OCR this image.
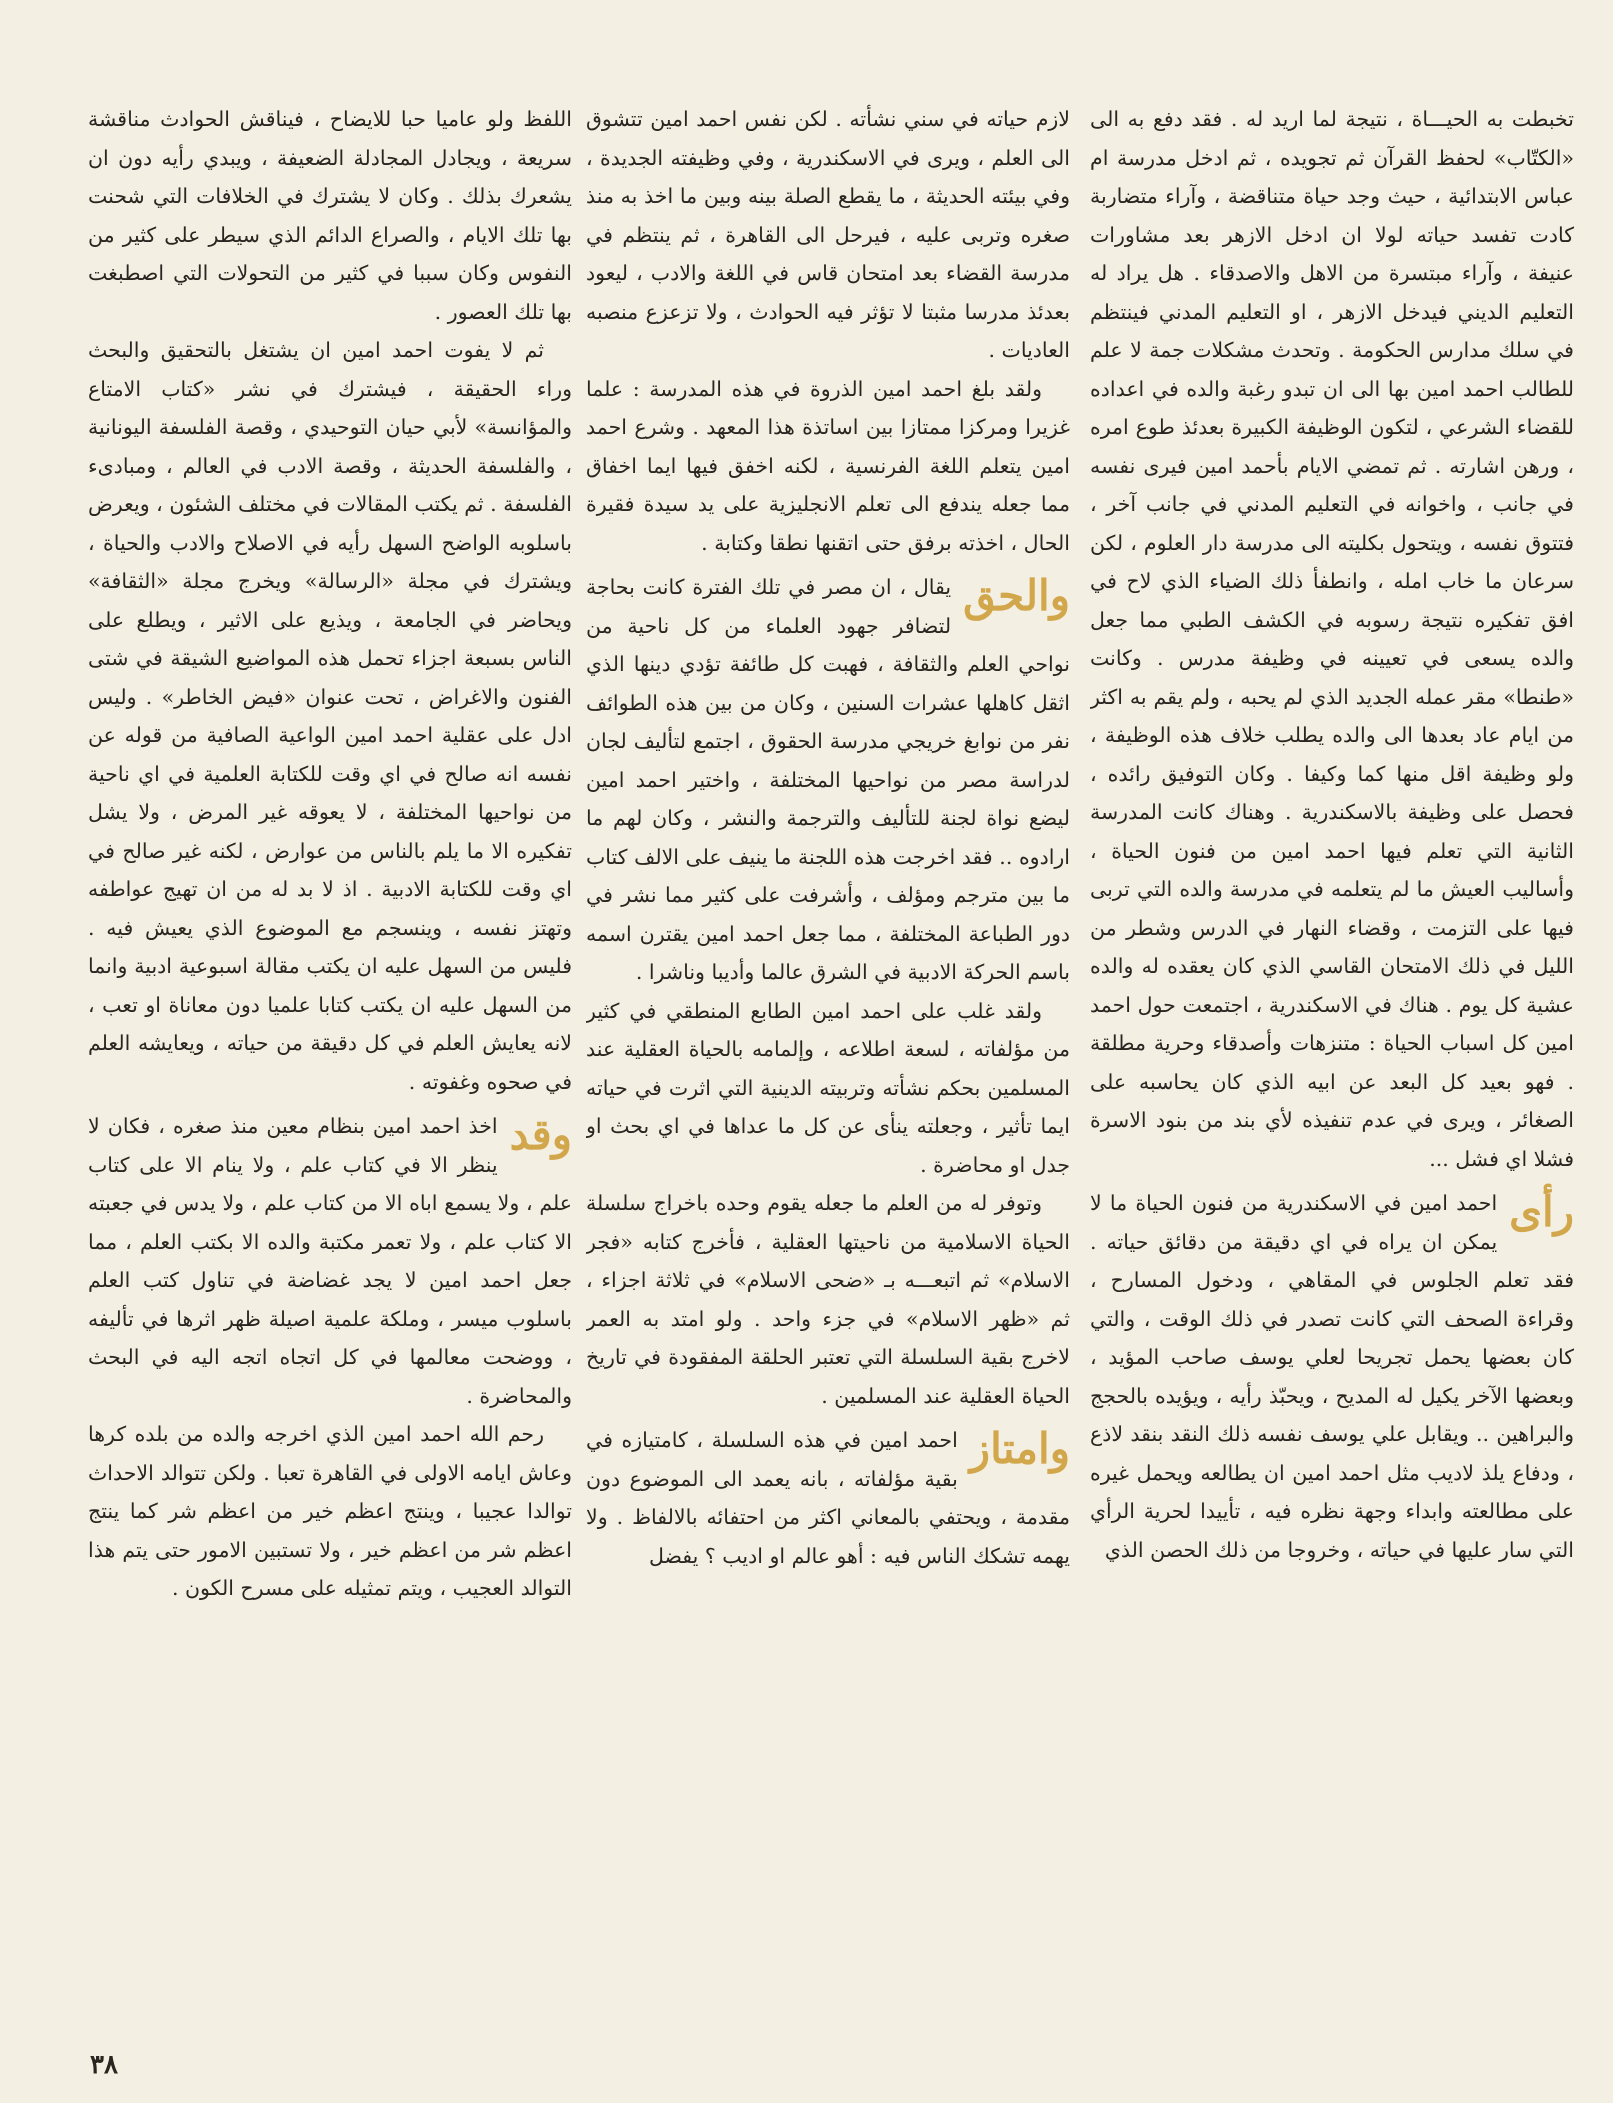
تخبطت به الحيـــاة ، نتيجة لما اريد له . فقد دفع به الى «الكتّاب» لحفظ القرآن ثم تجويده ، ثم ادخل مدرسة ام عباس الابتدائية ، حيث وجد حياة متناقضة ، وآراء متضاربة كادت تفسد حياته لولا ان ادخل الازهر بعد مشاورات عنيفة ، وآراء مبتسرة من الاهل والاصدقاء . هل يراد له التعليم الديني فيدخل الازهر ، او التعليم المدني فينتظم في سلك مدارس الحكومة . وتحدث مشكلات جمة لا علم للطالب احمد امين بها الى ان تبدو رغبة والده في اعداده للقضاء الشرعي ، لتكون الوظيفة الكبيرة بعدئذ طوع امره ، ورهن اشارته . ثم تمضي الايام بأحمد امين فيرى نفسه في جانب ، واخوانه في التعليم المدني في جانب آخر ، فتتوق نفسه ، ويتحول بكليته الى مدرسة دار العلوم ، لكن سرعان ما خاب امله ، وانطفأ ذلك الضياء الذي لاح في افق تفكيره نتيجة رسوبه في الكشف الطبي مما جعل والده يسعى في تعيينه في وظيفة مدرس . وكانت «طنطا» مقر عمله الجديد الذي لم يحبه ، ولم يقم به اكثر من ايام عاد بعدها الى والده يطلب خلاف هذه الوظيفة ، ولو وظيفة اقل منها كما وكيفا . وكان التوفيق رائده ، فحصل على وظيفة بالاسكندرية . وهناك كانت المدرسة الثانية التي تعلم فيها احمد امين من فنون الحياة ، وأساليب العيش ما لم يتعلمه في مدرسة والده التي تربى فيها على التزمت ، وقضاء النهار في الدرس وشطر من الليل في ذلك الامتحان القاسي الذي كان يعقده له والده عشية كل يوم . هناك في الاسكندرية ، اجتمعت حول احمد امين كل اسباب الحياة : متنزهات وأصدقاء وحرية مطلقة . فهو بعيد كل البعد عن ابيه الذي كان يحاسبه على الصغائر ، ويرى في عدم تنفيذه لأي بند من بنود الاسرة فشلا اي فشل ...

رأى
احمد امين في الاسكندرية من فنون الحياة ما لا يمكن ان يراه في اي دقيقة من دقائق حياته . فقد تعلم الجلوس في المقاهي ، ودخول المسارح ، وقراءة الصحف التي كانت تصدر في ذلك الوقت ، والتي كان بعضها يحمل تجريحا لعلي يوسف صاحب المؤيد ، وبعضها الآخر يكيل له المديح ، ويحبّذ رأيه ، ويؤيده بالحجج والبراهين .. ويقابل علي يوسف نفسه ذلك النقد بنقد لاذع ، ودفاع يلذ لاديب مثل احمد امين ان يطالعه ويحمل غيره على مطالعته وابداء وجهة نظره فيه ، تأييدا لحرية الرأي التي سار عليها في حياته ، وخروجا من ذلك الحصن الذي

لازم حياته في سني نشأته . لكن نفس احمد امين تتشوق الى العلم ، ويرى في الاسكندرية ، وفي وظيفته الجديدة ، وفي بيئته الحديثة ، ما يقطع الصلة بينه وبين ما اخذ به منذ صغره وتربى عليه ، فيرحل الى القاهرة ، ثم ينتظم في مدرسة القضاء بعد امتحان قاس في اللغة والادب ، ليعود بعدئذ مدرسا مثبتا لا تؤثر فيه الحوادث ، ولا تزعزع منصبه العاديات .

ولقد بلغ احمد امين الذروة في هذه المدرسة : علما غزيرا ومركزا ممتازا بين اساتذة هذا المعهد . وشرع احمد امين يتعلم اللغة الفرنسية ، لكنه اخفق فيها ايما اخفاق مما جعله يندفع الى تعلم الانجليزية على يد سيدة فقيرة الحال ، اخذته برفق حتى اتقنها نطقا وكتابة .

والحق
يقال ، ان مصر في تلك الفترة كانت بحاجة لتضافر جهود العلماء من كل ناحية من نواحي العلم والثقافة ، فهبت كل طائفة تؤدي دينها الذي اثقل كاهلها عشرات السنين ، وكان من بين هذه الطوائف نفر من نوابغ خريجي مدرسة الحقوق ، اجتمع لتأليف لجان لدراسة مصر من نواحيها المختلفة ، واختير احمد امين ليضع نواة لجنة للتأليف والترجمة والنشر ، وكان لهم ما ارادوه .. فقد اخرجت هذه اللجنة ما ينيف على الالف كتاب ما بين مترجم ومؤلف ، وأشرفت على كثير مما نشر في دور الطباعة المختلفة ، مما جعل احمد امين يقترن اسمه باسم الحركة الادبية في الشرق عالما وأديبا وناشرا .

ولقد غلب على احمد امين الطابع المنطقي في كثير من مؤلفاته ، لسعة اطلاعه ، وإلمامه بالحياة العقلية عند المسلمين بحكم نشأته وتربيته الدينية التي اثرت في حياته ايما تأثير ، وجعلته ينأى عن كل ما عداها في اي بحث او جدل او محاضرة .

وتوفر له من العلم ما جعله يقوم وحده باخراج سلسلة الحياة الاسلامية من ناحيتها العقلية ، فأخرج كتابه «فجر الاسلام» ثم اتبعـــه بـ «ضحى الاسلام» في ثلاثة اجزاء ، ثم «ظهر الاسلام» في جزء واحد . ولو امتد به العمر لاخرج بقية السلسلة التي تعتبر الحلقة المفقودة في تاريخ الحياة العقلية عند المسلمين .

وامتاز
احمد امين في هذه السلسلة ، كامتيازه في بقية مؤلفاته ، بانه يعمد الى الموضوع دون مقدمة ، ويحتفي بالمعاني اكثر من احتفائه بالالفاظ . ولا يهمه تشكك الناس فيه : أهو عالم او اديب ؟ يفضل

اللفظ ولو عاميا حبا للايضاح ، فيناقش الحوادث مناقشة سريعة ، ويجادل المجادلة الضعيفة ، ويبدي رأيه دون ان يشعرك بذلك . وكان لا يشترك في الخلافات التي شحنت بها تلك الايام ، والصراع الدائم الذي سيطر على كثير من النفوس وكان سببا في كثير من التحولات التي اصطبغت بها تلك العصور .

ثم لا يفوت احمد امين ان يشتغل بالتحقيق والبحث وراء الحقيقة ، فيشترك في نشر «كتاب الامتاع والمؤانسة» لأبي حيان التوحيدي ، وقصة الفلسفة اليونانية ، والفلسفة الحديثة ، وقصة الادب في العالم ، ومبادىء الفلسفة . ثم يكتب المقالات في مختلف الشئون ، ويعرض باسلوبه الواضح السهل رأيه في الاصلاح والادب والحياة ، ويشترك في مجلة «الرسالة» ويخرج مجلة «الثقافة» ويحاضر في الجامعة ، ويذيع على الاثير ، ويطلع على الناس بسبعة اجزاء تحمل هذه المواضيع الشيقة في شتى الفنون والاغراض ، تحت عنوان «فيض الخاطر» . وليس ادل على عقلية احمد امين الواعية الصافية من قوله عن نفسه انه صالح في اي وقت للكتابة العلمية في اي ناحية من نواحيها المختلفة ، لا يعوقه غير المرض ، ولا يشل تفكيره الا ما يلم بالناس من عوارض ، لكنه غير صالح في اي وقت للكتابة الادبية . اذ لا بد له من ان تهيج عواطفه وتهتز نفسه ، وينسجم مع الموضوع الذي يعيش فيه . فليس من السهل عليه ان يكتب مقالة اسبوعية ادبية وانما من السهل عليه ان يكتب كتابا علميا دون معاناة او تعب ، لانه يعايش العلم في كل دقيقة من حياته ، ويعايشه العلم في صحوه وغفوته .

وقد
اخذ احمد امين بنظام معين منذ صغره ، فكان لا ينظر الا في كتاب علم ، ولا ينام الا على كتاب علم ، ولا يسمع اباه الا من كتاب علم ، ولا يدس في جعبته الا كتاب علم ، ولا تعمر مكتبة والده الا بكتب العلم ، مما جعل احمد امين لا يجد غضاضة في تناول كتب العلم باسلوب ميسر ، وملكة علمية اصيلة ظهر اثرها في تأليفه ، ووضحت معالمها في كل اتجاه اتجه اليه في البحث والمحاضرة .

رحم الله احمد امين الذي اخرجه والده من بلده كرها وعاش ايامه الاولى في القاهرة تعبا . ولكن تتوالد الاحداث توالدا عجيبا ، وينتج اعظم خير من اعظم شر كما ينتج اعظم شر من اعظم خير ، ولا تستبين الامور حتى يتم هذا التوالد العجيب ، ويتم تمثيله على مسرح الكون .

٣٨
